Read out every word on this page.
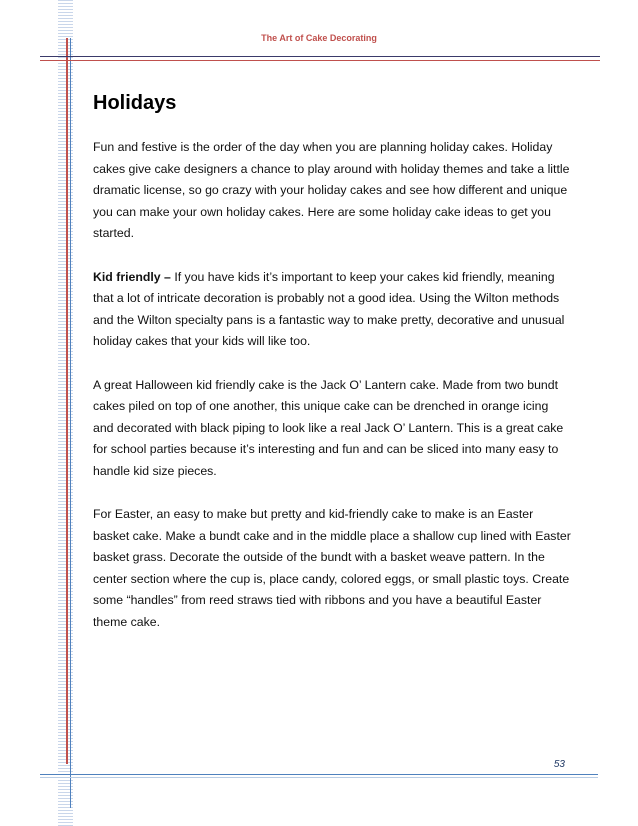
The Art of Cake Decorating
Holidays

Fun and festive is the order of the day when you are planning holiday cakes. Holiday cakes give cake designers a chance to play around with holiday themes and take a little dramatic license, so go crazy with your holiday cakes and see how different and unique you can make your own holiday cakes. Here are some holiday cake ideas to get you started.

Kid friendly – If you have kids it’s important to keep your cakes kid friendly, meaning that a lot of intricate decoration is probably not a good idea. Using the Wilton methods and the Wilton specialty pans is a fantastic way to make pretty, decorative and unusual holiday cakes that your kids will like too.

A great Halloween kid friendly cake is the Jack O’ Lantern cake. Made from two bundt cakes piled on top of one another, this unique cake can be drenched in orange icing and decorated with black piping to look like a real Jack O’ Lantern. This is a great cake for school parties because it’s interesting and fun and can be sliced into many easy to handle kid size pieces.

For Easter, an easy to make but pretty and kid-friendly cake to make is an Easter basket cake. Make a bundt cake and in the middle place a shallow cup lined with Easter basket grass. Decorate the outside of the bundt with a basket weave pattern. In the center section where the cup is, place candy, colored eggs, or small plastic toys. Create some “handles” from reed straws tied with ribbons and you have a beautiful Easter theme cake.

53
